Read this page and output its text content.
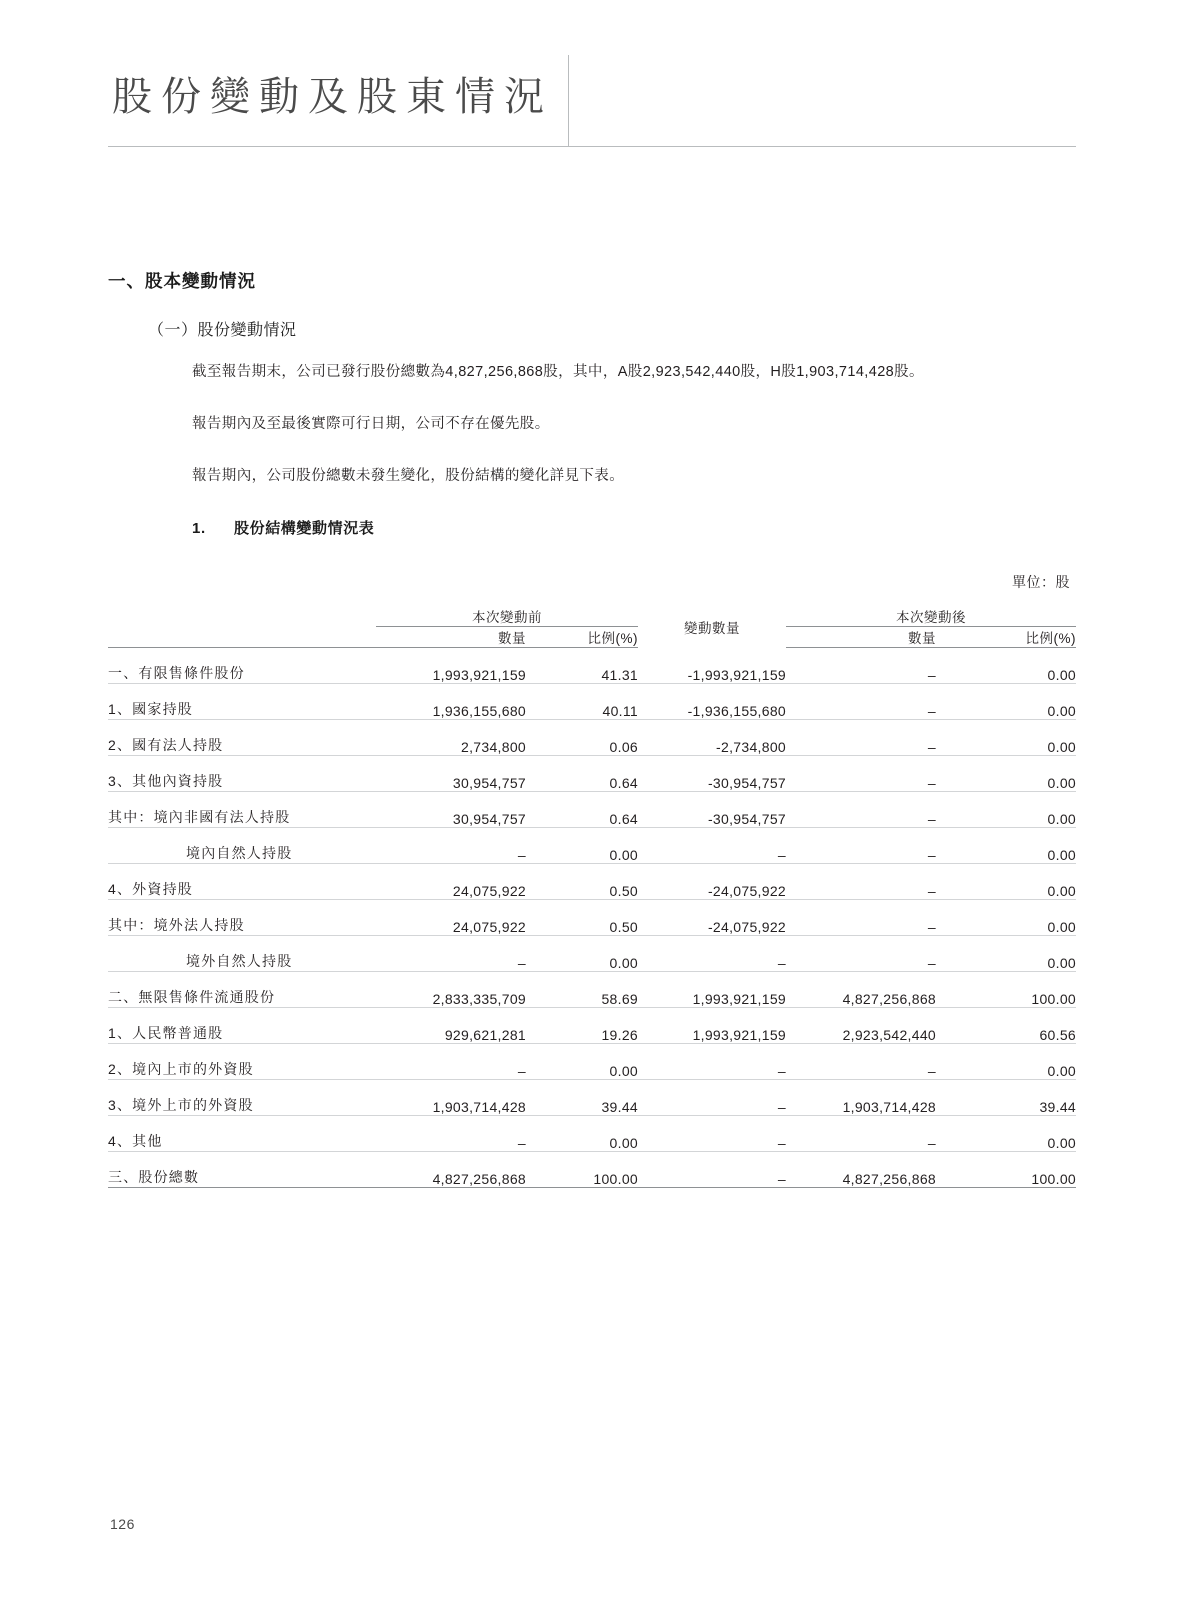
股份變動及股東情況
一、股本變動情況
（一）股份變動情況

截至報告期末，公司已發行股份總數為4,827,256,868股，其中，A股2,923,542,440股，H股1,903,714,428股。

報告期內及至最後實際可行日期，公司不存在優先股。

報告期內，公司股份總數未發生變化，股份結構的變化詳見下表。

1. 股份結構變動情況表
單位：股
	本次變動前		變動數量	本次變動後	
	數量	比例(%)		數量	比例(%)
一、有限售條件股份	1,993,921,159	41.31	-1,993,921,159	–	0.00
1、國家持股	1,936,155,680	40.11	-1,936,155,680	–	0.00
2、國有法人持股	2,734,800	0.06	-2,734,800	–	0.00
3、其他內資持股	30,954,757	0.64	-30,954,757	–	0.00
其中：境內非國有法人持股	30,954,757	0.64	-30,954,757	–	0.00
境內自然人持股	–	0.00	–	–	0.00
4、外資持股	24,075,922	0.50	-24,075,922	–	0.00
其中：境外法人持股	24,075,922	0.50	-24,075,922	–	0.00
境外自然人持股	–	0.00	–	–	0.00
二、無限售條件流通股份	2,833,335,709	58.69	1,993,921,159	4,827,256,868	100.00
1、人民幣普通股	929,621,281	19.26	1,993,921,159	2,923,542,440	60.56
2、境內上市的外資股	–	0.00	–	–	0.00
3、境外上市的外資股	1,903,714,428	39.44	–	1,903,714,428	39.44
4、其他	–	0.00	–	–	0.00
三、股份總數	4,827,256,868	100.00	–	4,827,256,868	100.00
126
